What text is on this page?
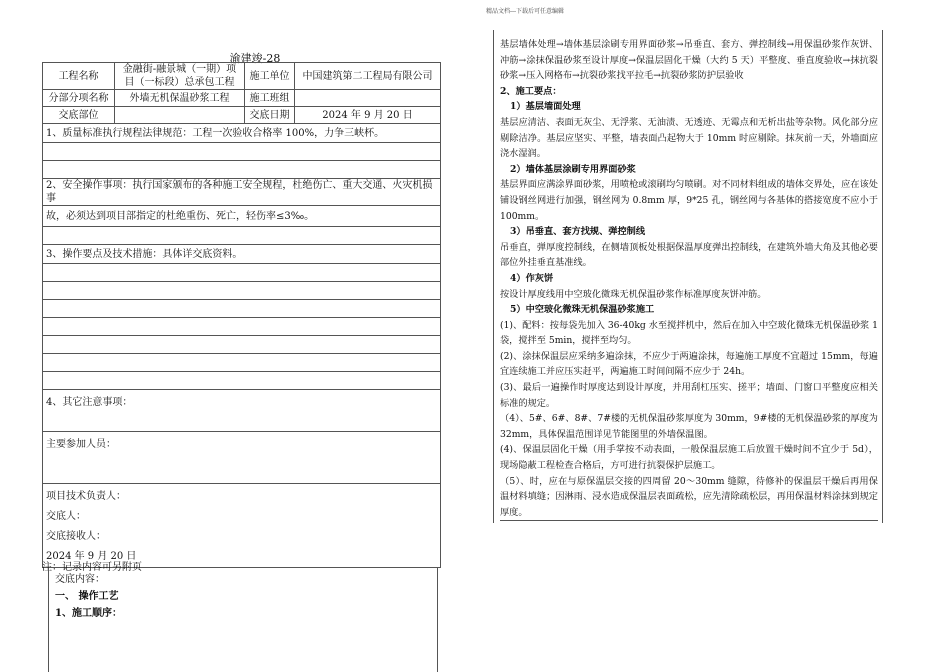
精品文档---下载后可任意编辑
渝建竣-28
工程名称	金融街-融景城（一期）项目（一标段）总承包工程	施工单位	中国建筑第二工程局有限公司
分部分项名称	外墙无机保温砂浆工程	施工班组	
交底部位		交底日期	2024 年 9 月 20 日
1、质量标准执行规程法律规范：工程一次验收合格率 100%，力争三峡杯。			

2、安全操作事项：执行国家颁布的各种施工安全规程，杜绝伤亡、重大交通、火灾机损事			
故，必须达到项目部指定的杜绝重伤、死亡，轻伤率≤3‰。			

3、操作要点及技术措施：具体详交底资料。			

4、其它注意事项：			
主要参加人员：			

项目技术负责人：
交底人：
交底接收人：
2024 年 9 月 20 日			
注：记录内容可另附页

交底内容：

一、 操作工艺

1、施工顺序：

基层墙体处理→墙体基层涂刷专用界面砂浆→吊垂直、套方、弹控制线→用保温砂浆作灰饼、冲筋→涂抹保温砂浆至设计厚度→保温层固化干燥（大约 5 天）平整度、垂直度验收→抹抗裂砂浆→压入网格布→抗裂砂浆找平拉毛→抗裂砂浆防护层验收

2、施工要点：

1）基层墙面处理

基层应清洁、表面无灰尘、无浮浆、无油渍、无透迹、无霉点和无析出盐等杂物。风化部分应剔除洁净。基层应坚实、平整，墙表面凸起物大于 10mm 时应剔除。抹灰前一天，外墙面应浇水湿润。

2）墙体基层涂刷专用界面砂浆

基层界面应满涂界面砂浆，用喷枪或滚刷均匀喷刷。对不同材料组成的墙体交界处，应在该处铺设钢丝网进行加强，钢丝网为 0.8mm 厚，9*25 孔，钢丝网与各基体的搭接宽度不应小于 100mm。

3）吊垂直、套方找规、弹控制线

吊垂直，弹厚度控制线，在侧墙顶板处根据保温厚度弹出控制线，在建筑外墙大角及其他必要部位外挂垂直基准线。

4）作灰饼

按设计厚度线用中空玻化微珠无机保温砂浆作标准厚度灰饼冲筋。

5）中空玻化微珠无机保温砂浆施工

(1)、配料：按每袋先加入 36-40kg 水至搅拌机中，然后在加入中空玻化微珠无机保温砂浆 1 袋，搅拌至 5min，搅拌至均匀。

(2)、涂抹保温层应采纳多遍涂抹，不应少于两遍涂抹，每遍施工厚度不宜超过 15mm，每遍宜连续施工并应压实赶平，两遍施工时间间隔不应少于 24h。

(3)、最后一遍操作时厚度达到设计厚度，并用刮杠压实、搓平；墙面、门窗口平整度应相关标准的规定。

（4）、5#、6#、8#、7#楼的无机保温砂浆厚度为 30mm，9#楼的无机保温砂浆的厚度为 32mm，具体保温范围详见节能图里的外墙保温图。

(4)、保温层固化干燥（用手掌按不动表面，一般保温层施工后放置干燥时间不宜少于 5d），现场隐蔽工程检查合格后，方可进行抗裂保护层施工。

（5）、时，应在与原保温层交接的四周留 20～30mm 缝隙，待修补的保温层干燥后再用保温材料填缝；因淋雨、浸水造成保温层表面疏松，应先清除疏松层，再用保温材料涂抹到规定厚度。
